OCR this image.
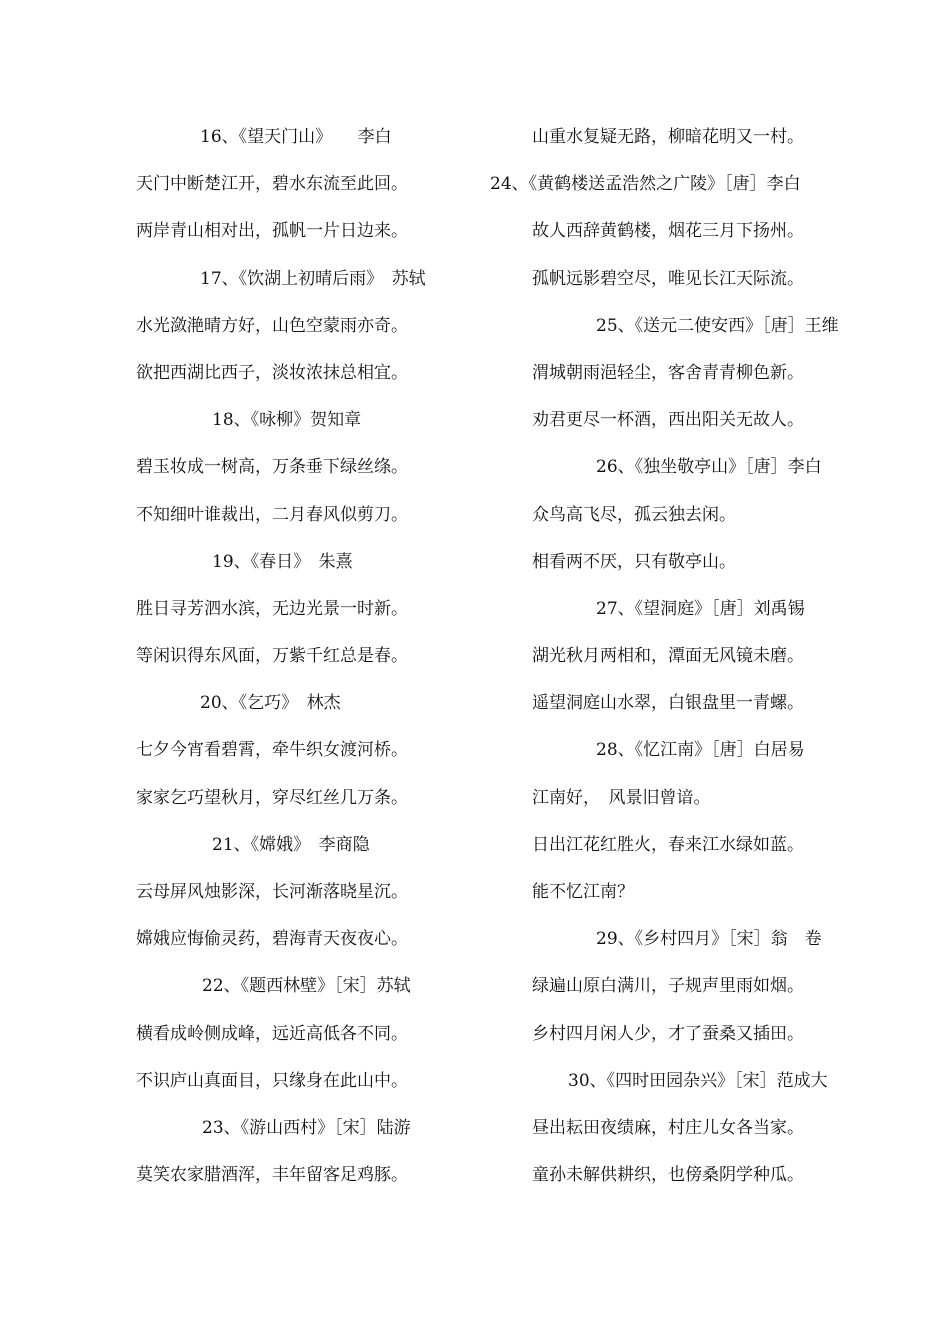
16、《望天门山》　　李白
天门中断楚江开，碧水东流至此回。
两岸青山相对出，孤帆一片日边来。
17、《饮湖上初晴后雨》　苏轼
水光潋滟晴方好，山色空蒙雨亦奇。
欲把西湖比西子，淡妆浓抹总相宜。
18、《咏柳》贺知章
碧玉妆成一树高，万条垂下绿丝绦。
不知细叶谁裁出，二月春风似剪刀。
19、《春日》　朱熹
胜日寻芳泗水滨，无边光景一时新。
等闲识得东风面，万紫千红总是春。
20、《乞巧》　林杰
七夕今宵看碧霄，牵牛织女渡河桥。
家家乞巧望秋月，穿尽红丝几万条。
21、《嫦娥》　李商隐
云母屏风烛影深，长河渐落晓星沉。
嫦娥应悔偷灵药，碧海青天夜夜心。
22、《题西林壁》［宋］苏轼
横看成岭侧成峰，远近高低各不同。
不识庐山真面目，只缘身在此山中。
23、《游山西村》［宋］陆游
莫笑农家腊酒浑，丰年留客足鸡豚。
山重水复疑无路，柳暗花明又一村。
24、《黄鹤楼送孟浩然之广陵》［唐］李白
故人西辞黄鹤楼，烟花三月下扬州。
孤帆远影碧空尽，唯见长江天际流。
25、《送元二使安西》［唐］王维
渭城朝雨浥轻尘，客舍青青柳色新。
劝君更尽一杯酒，西出阳关无故人。
26、《独坐敬亭山》［唐］李白
众鸟高飞尽，孤云独去闲。
相看两不厌，只有敬亭山。
27、《望洞庭》［唐］刘禹锡
湖光秋月两相和，潭面无风镜未磨。
遥望洞庭山水翠，白银盘里一青螺。
28、《忆江南》［唐］白居易
江南好，　风景旧曾谙。
日出江花红胜火，春来江水绿如蓝。
能不忆江南？
29、《乡村四月》［宋］翁　卷
绿遍山原白满川，子规声里雨如烟。
乡村四月闲人少，才了蚕桑又插田。
30、《四时田园杂兴》［宋］范成大
昼出耘田夜绩麻，村庄儿女各当家。
童孙未解供耕织，也傍桑阴学种瓜。
